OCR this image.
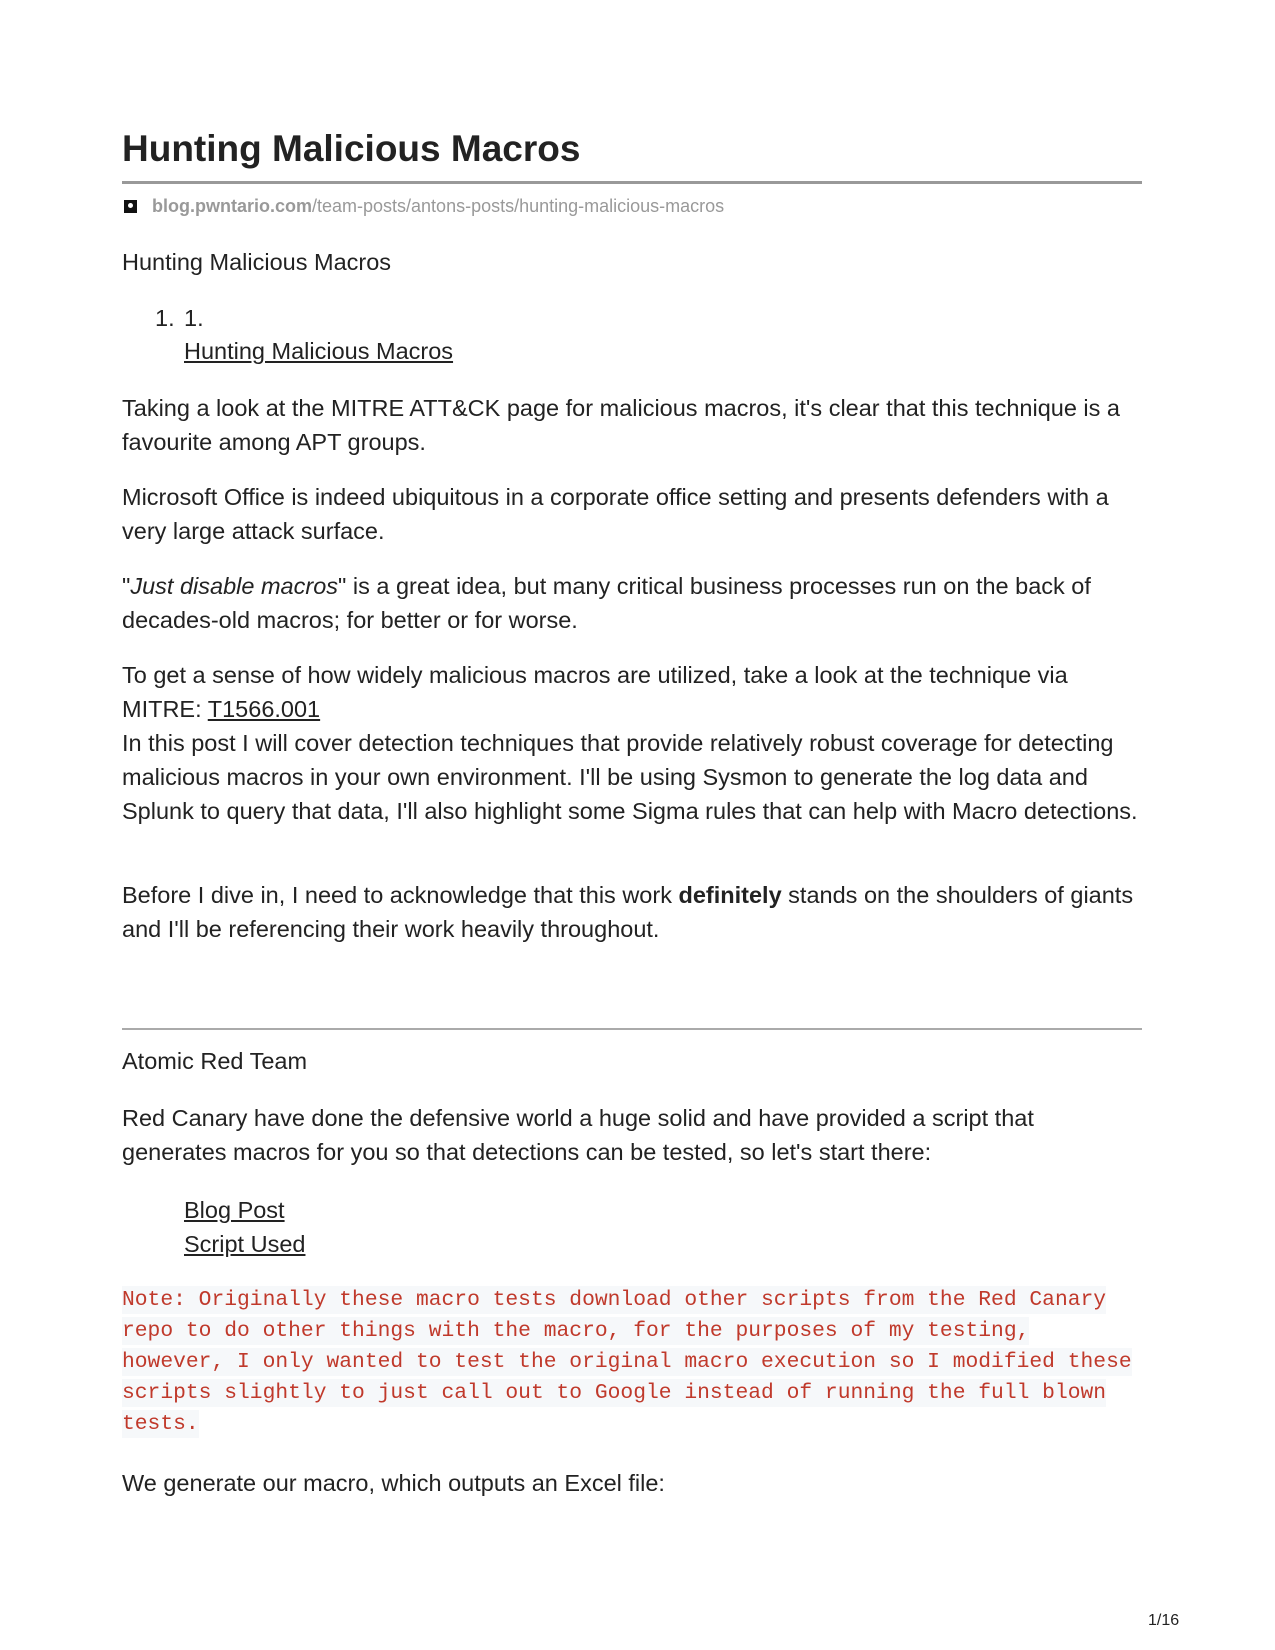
Hunting Malicious Macros
blog.pwntario.com /team-posts/antons-posts/hunting-malicious-macros
Hunting Malicious Macros
1. 1.
Hunting Malicious Macros

Taking a look at the MITRE ATT&CK page for malicious macros, it's clear that this technique is a favourite among APT groups.

Microsoft Office is indeed ubiquitous in a corporate office setting and presents defenders with a very large attack surface.

"Just disable macros" is a great idea, but many critical business processes run on the back of decades-old macros; for better or for worse.

To get a sense of how widely malicious macros are utilized, take a look at the technique via MITRE: T1566.001

In this post I will cover detection techniques that provide relatively robust coverage for detecting malicious macros in your own environment. I'll be using Sysmon to generate the log data and Splunk to query that data, I'll also highlight some Sigma rules that can help with Macro detections.

Before I dive in, I need to acknowledge that this work definitely stands on the shoulders of giants and I'll be referencing their work heavily throughout.

Atomic Red Team

Red Canary have done the defensive world a huge solid and have provided a script that generates macros for you so that detections can be tested, so let's start there:

Blog Post
Script Used
Note: Originally these macro tests download other scripts from the Red Canary repo to do other things with the macro, for the purposes of my testing, however, I only wanted to test the original macro execution so I modified these scripts slightly to just call out to Google instead of running the full blown tests.

We generate our macro, which outputs an Excel file:

1/16
